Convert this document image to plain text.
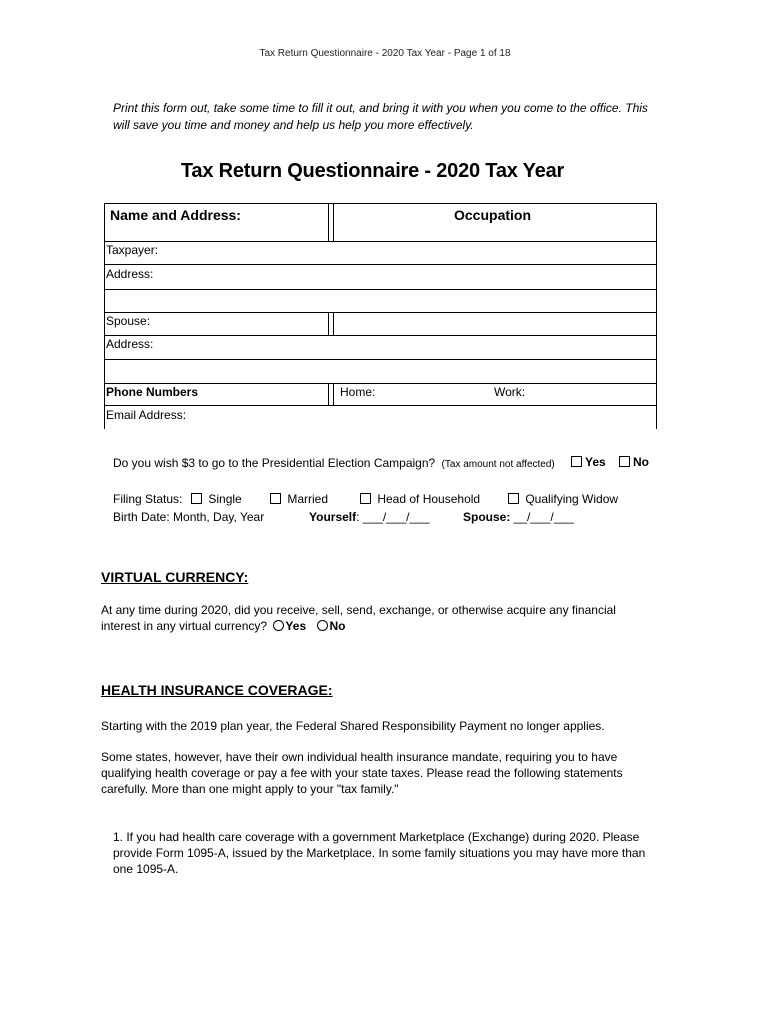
Tax Return Questionnaire - 2020 Tax Year - Page 1 of 18
Print this form out, take some time to fill it out, and bring it with you when you come to the office. This will save you time and money and help us help you more effectively.
Tax Return Questionnaire - 2020 Tax Year
Name and Address:	Occupation
Taxpayer:
Address:
Spouse:
Address:
Phone Numbers	Home:	Work:
Email Address:
Do you wish $3 to go to the Presidential Election Campaign? (Tax amount not affected)	Yes	No
Filing Status:	Single	Married	Head of Household	Qualifying Widow
Birth Date: Month, Day, Year	Yourself: ___/___/___	Spouse: __/___/___
VIRTUAL CURRENCY:
At any time during 2020, did you receive, sell, send, exchange, or otherwise acquire any financial interest in any virtual currency? Yes No
HEALTH INSURANCE COVERAGE:
Starting with the 2019 plan year, the Federal Shared Responsibility Payment no longer applies.
Some states, however, have their own individual health insurance mandate, requiring you to have qualifying health coverage or pay a fee with your state taxes. Please read the following statements carefully. More than one might apply to your "tax family."
1. If you had health care coverage with a government Marketplace (Exchange) during 2020. Please provide Form 1095-A, issued by the Marketplace. In some family situations you may have more than one 1095-A.
